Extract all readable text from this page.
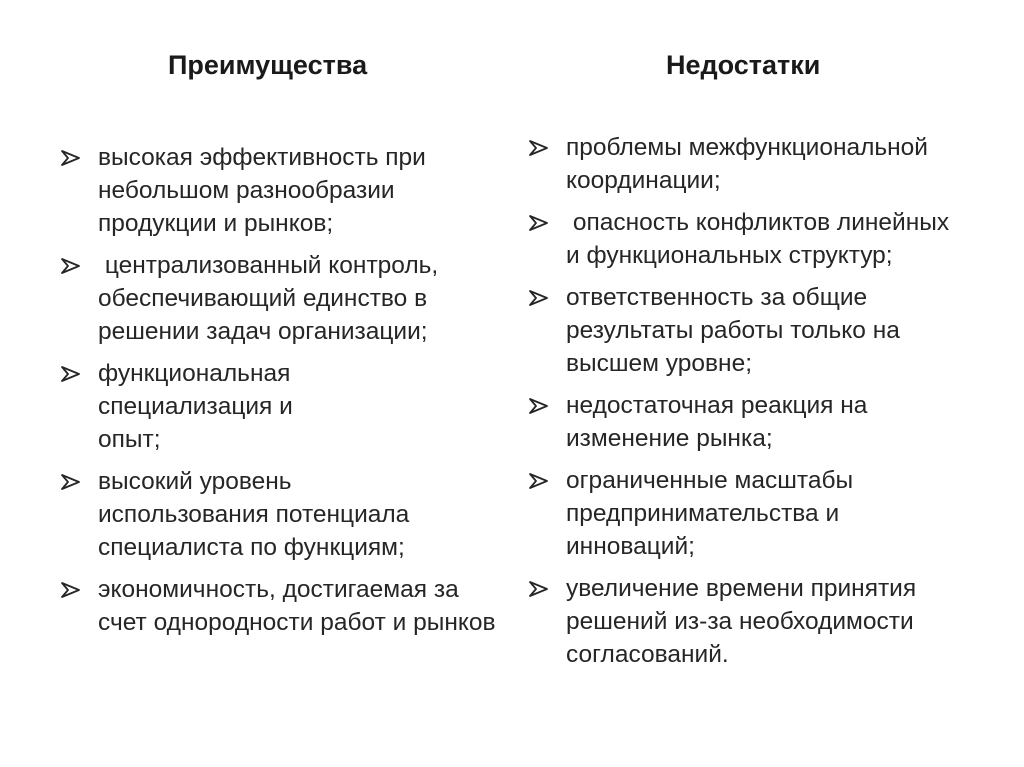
Преимущества
высокая эффективность при небольшом разнообразии продукции и рынков;
централизованный контроль, обеспечивающий единство в решении задач организации;
функциональная специализация и опыт;
высокий уровень использования потенциала специалиста по функциям;
экономичность, достигаемая за счет однородности работ и рынков
Недостатки
проблемы межфункциональной координации;
опасность конфликтов линейных и функциональных структур;
ответственность за общие результаты работы только на высшем уровне;
недостаточная реакция на изменение рынка;
ограниченные масштабы предпринимательства и инноваций;
увеличение времени принятия решений из-за необходимости согласований.
